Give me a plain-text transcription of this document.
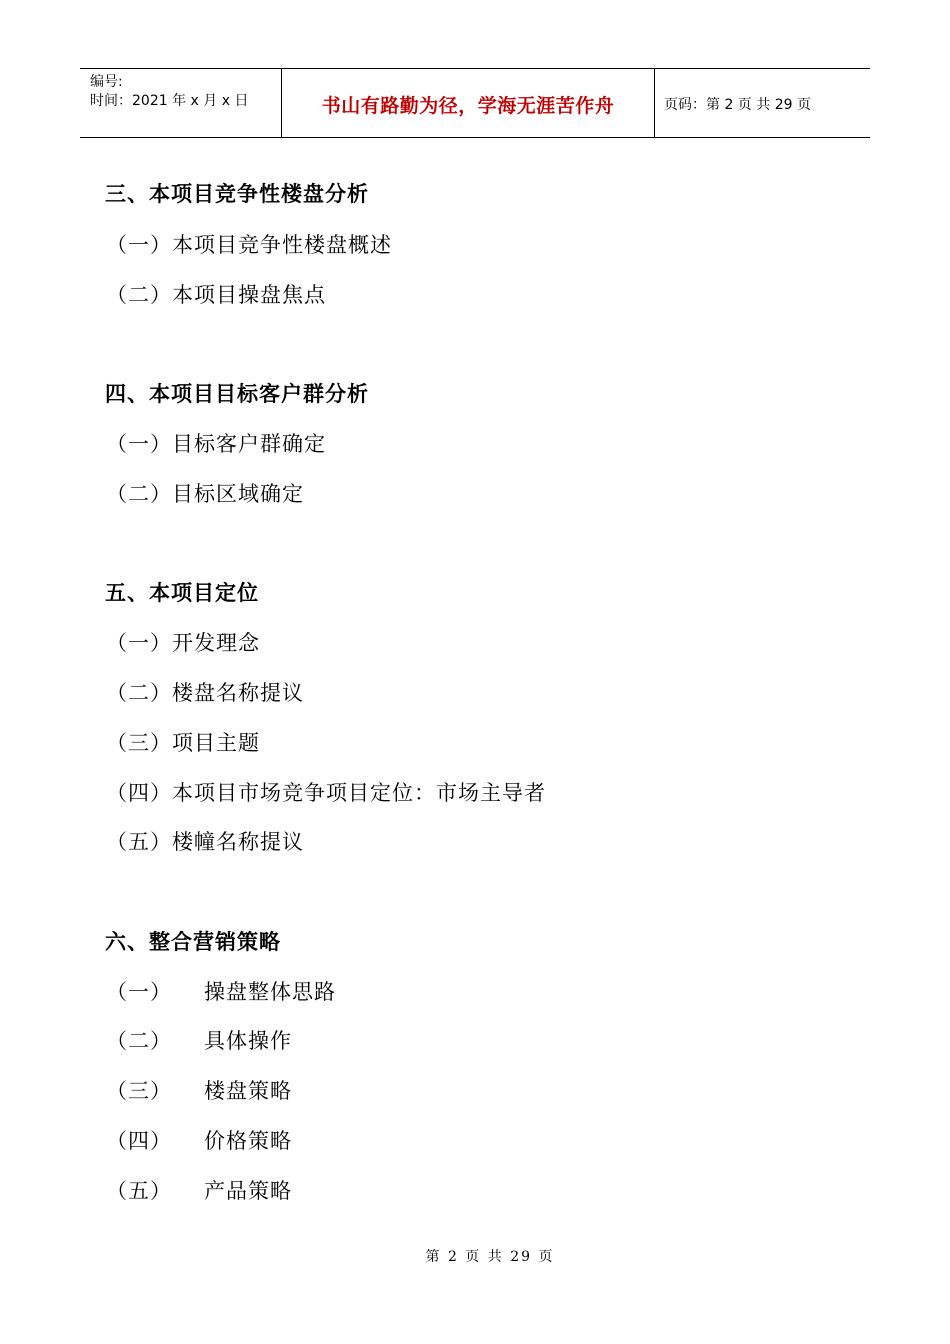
编号:
时间：2021 年 x 月 x 日	书山有路勤为径，学海无涯苦作舟	页码：第 2 页 共 29 页
三、本项目竞争性楼盘分析
（一）本项目竞争性楼盘概述
（二）本项目操盘焦点
四、本项目目标客户群分析
（一）目标客户群确定
（二）目标区域确定
五、本项目定位
（一）开发理念
（二）楼盘名称提议
（三）项目主题
（四）本项目市场竞争项目定位：市场主导者
（五）楼幢名称提议
六、整合营销策略
（一） 操盘整体思路
（二） 具体操作
（三） 楼盘策略
（四） 价格策略
（五） 产品策略
第 2 页 共 29 页
